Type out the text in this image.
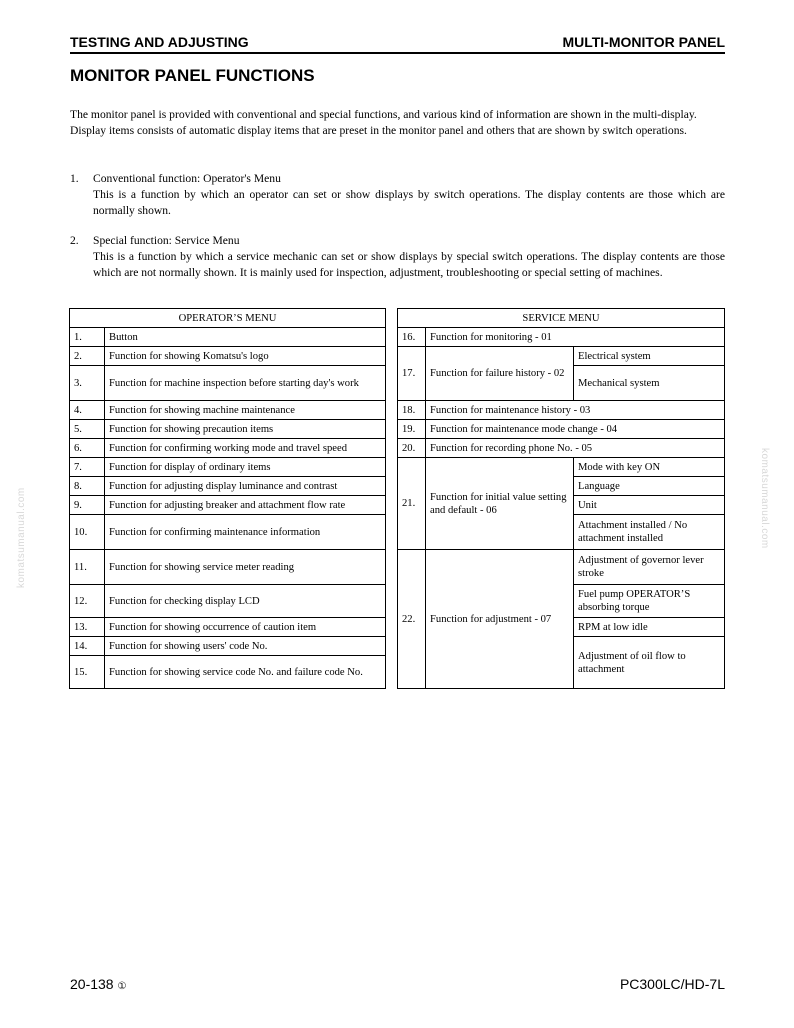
TESTING AND ADJUSTING	MULTI-MONITOR PANEL
MONITOR PANEL FUNCTIONS
The monitor panel is provided with conventional and special functions, and various kind of information are shown in the multi-display. Display items consists of automatic display items that are preset in the monitor panel and others that are shown by switch operations.
1. Conventional function: Operator's Menu
This is a function by which an operator can set or show displays by switch operations. The display contents are those which are normally shown.
2. Special function: Service Menu
This is a function by which a service mechanic can set or show displays by special switch operations. The display contents are those which are not normally shown. It is mainly used for inspection, adjustment, troubleshooting or special setting of machines.
OPERATOR’S MENU	
1.	Button
2.	Function for showing Komatsu's logo
3.	Function for machine inspection before starting day's work
4.	Function for showing machine maintenance
5.	Function for showing precaution items
6.	Function for confirming working mode and travel speed
7.	Function for display of ordinary items
8.	Function for adjusting display luminance and contrast
9.	Function for adjusting breaker and attachment flow rate
10.	Function for confirming maintenance information
11.	Function for showing service meter reading
12.	Function for checking display LCD
13.	Function for showing occurrence of caution item
14.	Function for showing users' code No.
15.	Function for showing service code No. and failure code No.
SERVICE MENU		
16.	Function for monitoring - 01	
17.	Function for failure history - 02	Electrical system
		Mechanical system
18.	Function for maintenance history - 03	
19.	Function for maintenance mode change - 04	
20.	Function for recording phone No. - 05	
21.	Function for initial value setting and default - 06	Mode with key ON
		Language
		Unit
		Attachment installed / No attachment installed
22.	Function for adjustment - 07	Adjustment of governor lever stroke
		Fuel pump OPERATOR’S absorbing torque
		RPM at low idle
		Adjustment of oil flow to attachment
komatsumanual.com	komatsumanual.com
20-138 ①	PC300LC/HD-7L
